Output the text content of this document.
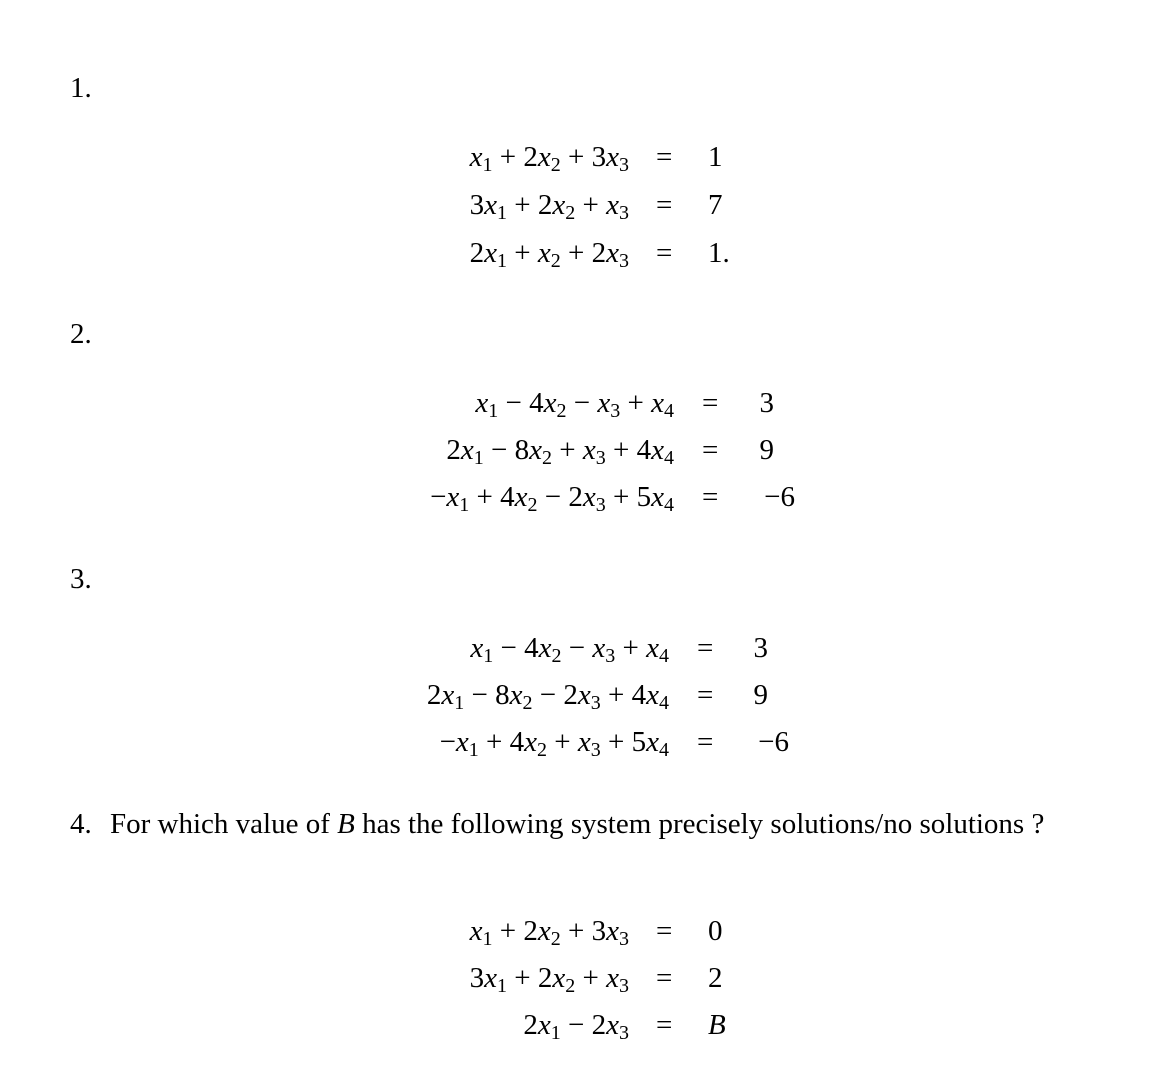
1.
$x_1 + 2x_2 + 3x_3 = 1$
$3x_1 + 2x_2 + x_3 = 7$
$2x_1 + x_2 + 2x_3 = 1$.
2.
$x_1 - 4x_2 - x_3 + x_4 = 3$
$2x_1 - 8x_2 + x_3 + 4x_4 = 9$
$-x_1 + 4x_2 - 2x_3 + 5x_4 = -6$
3.
$x_1 - 4x_2 - x_3 + x_4 = 3$
$2x_1 - 8x_2 - 2x_3 + 4x_4 = 9$
$-x_1 + 4x_2 + x_3 + 5x_4 = -6$
4. For which value of B has the following system precisely solutions/no solutions ?
$x_1 + 2x_2 + 3x_3 = 0$
$3x_1 + 2x_2 + x_3 = 2$
$2x_1 - 2x_3 = B$
